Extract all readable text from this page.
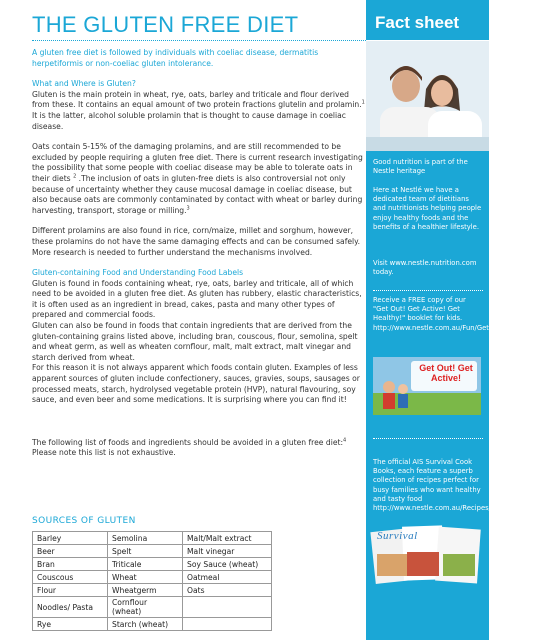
THE GLUTEN FREE DIET

A gluten free diet is followed by individuals with coeliac disease, dermatitis herpetiformis or non-coeliac gluten intolerance.

What and Where is Gluten?
Gluten is the main protein in wheat, rye, oats, barley and triticale and flour derived from these. It contains an equal amount of two protein fractions glutelin and prolamin.$^1$ It is the latter, alcohol soluble prolamin that is thought to cause damage in coeliac disease.

Oats contain 5-15% of the damaging prolamins, and are still recommended to be excluded by people requiring a gluten free diet. There is current research investigating the possibility that some people with coeliac disease may be able to tolerate oats in their diets $^2$ .The inclusion of oats in gluten-free diets is also controversial not only because of uncertainty whether they cause mucosal damage in coeliac disease, but also because oats are commonly contaminated by contact with wheat or barley during harvesting, transport, storage or milling.$^3$

Different prolamins are also found in rice, corn/maize, millet and sorghum, however, these prolamins do not have the same damaging effects and can be consumed safely. More research is needed to further understand the mechanisms involved.

Gluten-containing Food and Understanding Food Labels
Gluten is found in foods containing wheat, rye, oats, barley and triticale, all of which need to be avoided in a gluten free diet. As gluten has rubbery, elastic characteristics, it is often used as an ingredient in bread, cakes, pasta and many other types of prepared and commercial foods.
Gluten can also be found in foods that contain ingredients that are derived from the gluten-containing grains listed above, including bran, couscous, flour, semolina, spelt and wheat germ, as well as wheaten cornflour, malt, malt extract, malt vinegar and starch derived from wheat.
For this reason it is not always apparent which foods contain gluten. Examples of less apparent sources of gluten include confectionery, sauces, gravies, soups, sausages or processed meats, starch, hydrolysed vegetable protein (HVP), natural flavouring, soy sauce, and even beer and some medications. It is surprising where you can find it!

The following list of foods and ingredients should be avoided in a gluten free diet:$^4$ Please note this list is not exhaustive.

SOURCES OF GLUTEN
Barley	Semolina	Malt/Malt extract
Beer	Spelt	Malt vinegar
Bran	Triticale	Soy Sauce (wheat)
Couscous	Wheat	Oatmeal
Flour	Wheatgerm	Oats
Noodles/ Pasta	Cornflour (wheat)	
Rye	Starch (wheat)	
Fact sheet
Good nutrition is part of the Nestle heritage
Here at Nestlé we have a dedicated team of dietitians and nutritionists helping people enjoy healthy foods and the benefits of a healthier lifestyle.
Visit www.nestle.nutrition.com today.
Receive a FREE copy of our "Get Out! Get Active! Get Healthy!" booklet for kids. http://www.nestle.com.au/Fun/GetOutGetActive
Get Out! Get Active!
The official AIS Survival Cook Books, each feature a superb collection of recipes perfect for busy families who want healthy and tasty food http://www.nestle.com.au/Recipes/Survival
Survival
